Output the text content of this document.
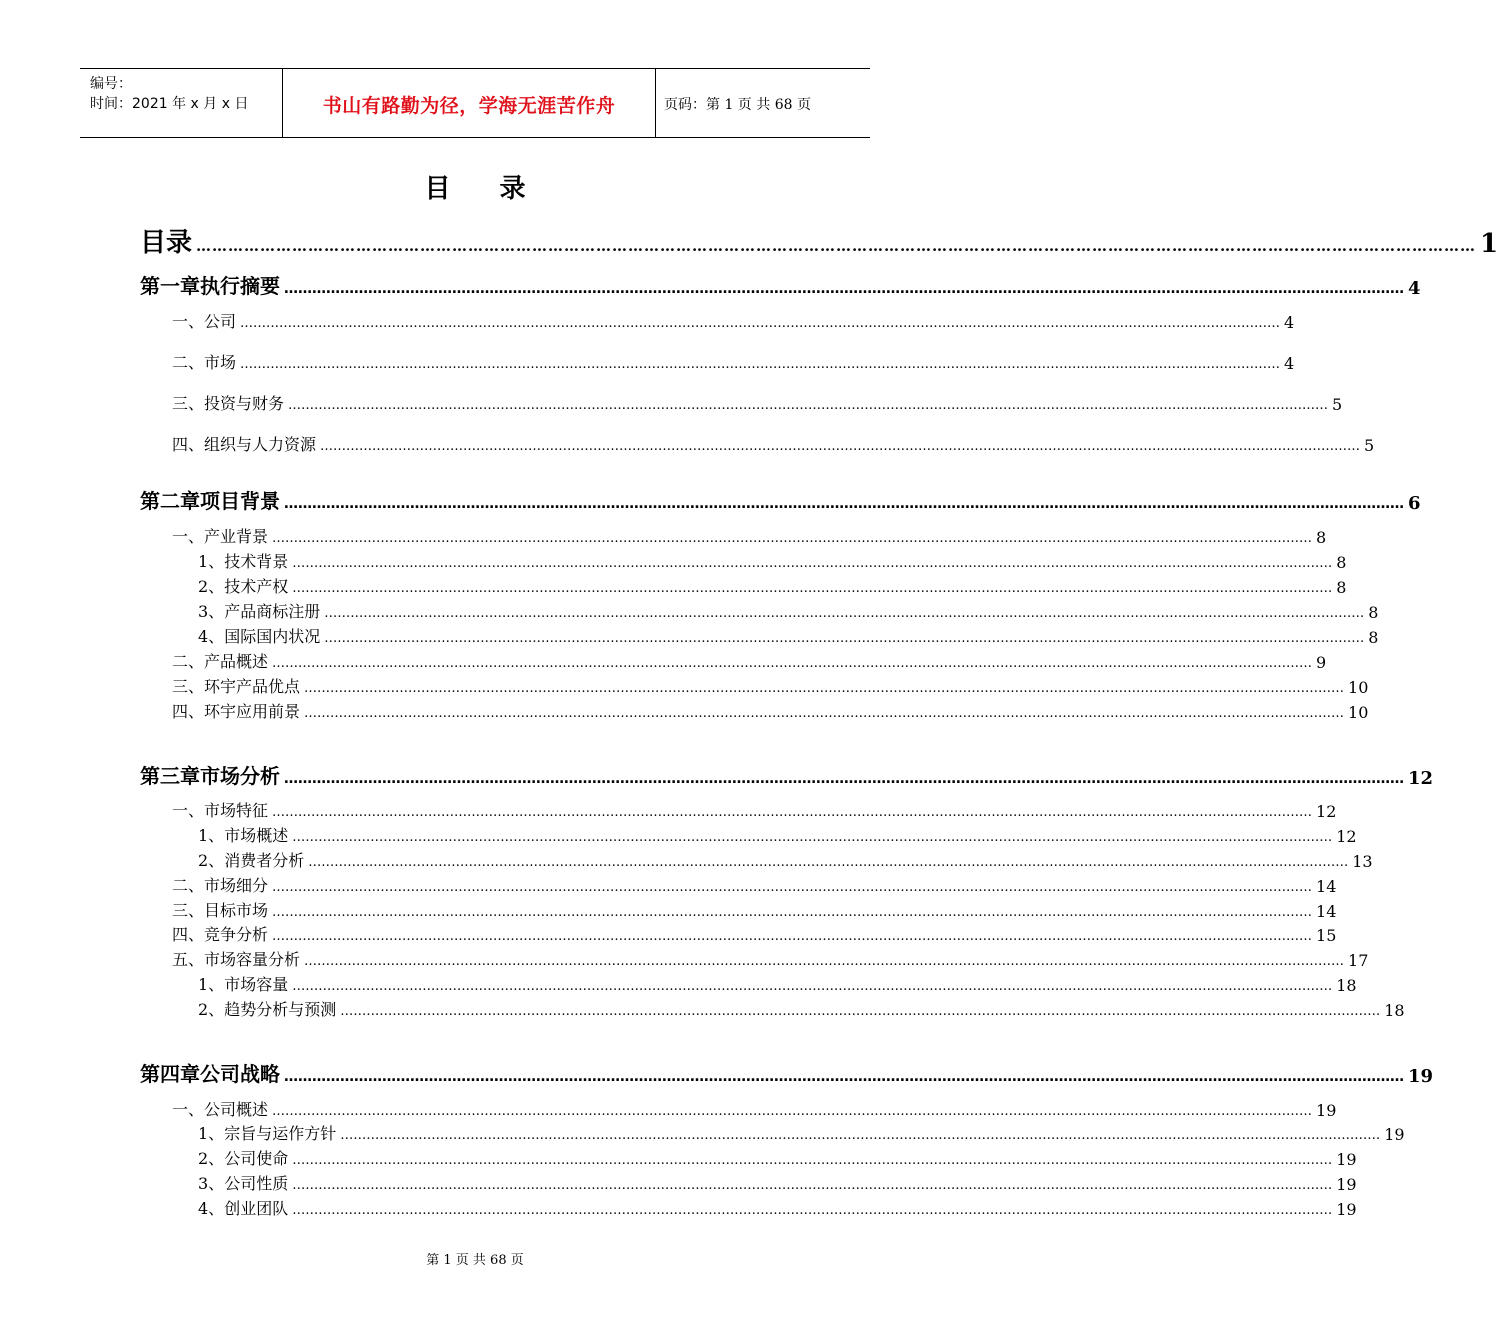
编号：
时间：2021 年 x 月 x 日	书山有路勤为径，学海无涯苦作舟	页码：第 1 页 共 68 页
目 录
目录 …………………………………………………………………………………………………………………………………………………………………………………………………………………… 1
第一章 执行摘要 …………………………………………………………………………………………………………………………………………………………………………………………………………………… 4
一、 公司 …………………………………………………………………………………………………………………………………………………………………………………………………………………… 4
二、 市场 …………………………………………………………………………………………………………………………………………………………………………………………………………………… 4
三、 投资与财务 …………………………………………………………………………………………………………………………………………………………………………………………………………………… 5
四、 组织与人力资源 …………………………………………………………………………………………………………………………………………………………………………………………………………………… 5
第二章 项目背景 …………………………………………………………………………………………………………………………………………………………………………………………………………………… 6
一、 产业背景 …………………………………………………………………………………………………………………………………………………………………………………………………………………… 8
1、 技术背景 …………………………………………………………………………………………………………………………………………………………………………………………………………………… 8
2、 技术产权 …………………………………………………………………………………………………………………………………………………………………………………………………………………… 8
3、 产品商标注册 …………………………………………………………………………………………………………………………………………………………………………………………………………………… 8
4、 国际国内状况 …………………………………………………………………………………………………………………………………………………………………………………………………………………… 8
二、 产品概述 …………………………………………………………………………………………………………………………………………………………………………………………………………………… 9
三、 环宇产品优点 …………………………………………………………………………………………………………………………………………………………………………………………………………………… 10
四、 环宇应用前景 …………………………………………………………………………………………………………………………………………………………………………………………………………………… 10
第三章 市场分析 …………………………………………………………………………………………………………………………………………………………………………………………………………………… 12
一、 市场特征 …………………………………………………………………………………………………………………………………………………………………………………………………………………… 12
1、 市场概述 …………………………………………………………………………………………………………………………………………………………………………………………………………………… 12
2、 消费者分析 …………………………………………………………………………………………………………………………………………………………………………………………………………………… 13
二、 市场细分 …………………………………………………………………………………………………………………………………………………………………………………………………………………… 14
三、 目标市场 …………………………………………………………………………………………………………………………………………………………………………………………………………………… 14
四、 竞争分析 …………………………………………………………………………………………………………………………………………………………………………………………………………………… 15
五、 市场容量分析 …………………………………………………………………………………………………………………………………………………………………………………………………………………… 17
1、 市场容量 …………………………………………………………………………………………………………………………………………………………………………………………………………………… 18
2、 趋势分析与预测 …………………………………………………………………………………………………………………………………………………………………………………………………………………… 18
第四章 公司战略 …………………………………………………………………………………………………………………………………………………………………………………………………………………… 19
一、 公司概述 …………………………………………………………………………………………………………………………………………………………………………………………………………………… 19
1、 宗旨与运作方针 …………………………………………………………………………………………………………………………………………………………………………………………………………………… 19
2、 公司使命 …………………………………………………………………………………………………………………………………………………………………………………………………………………… 19
3、 公司性质 …………………………………………………………………………………………………………………………………………………………………………………………………………………… 19
4、 创业团队 …………………………………………………………………………………………………………………………………………………………………………………………………………………… 19
第 1 页 共 68 页
